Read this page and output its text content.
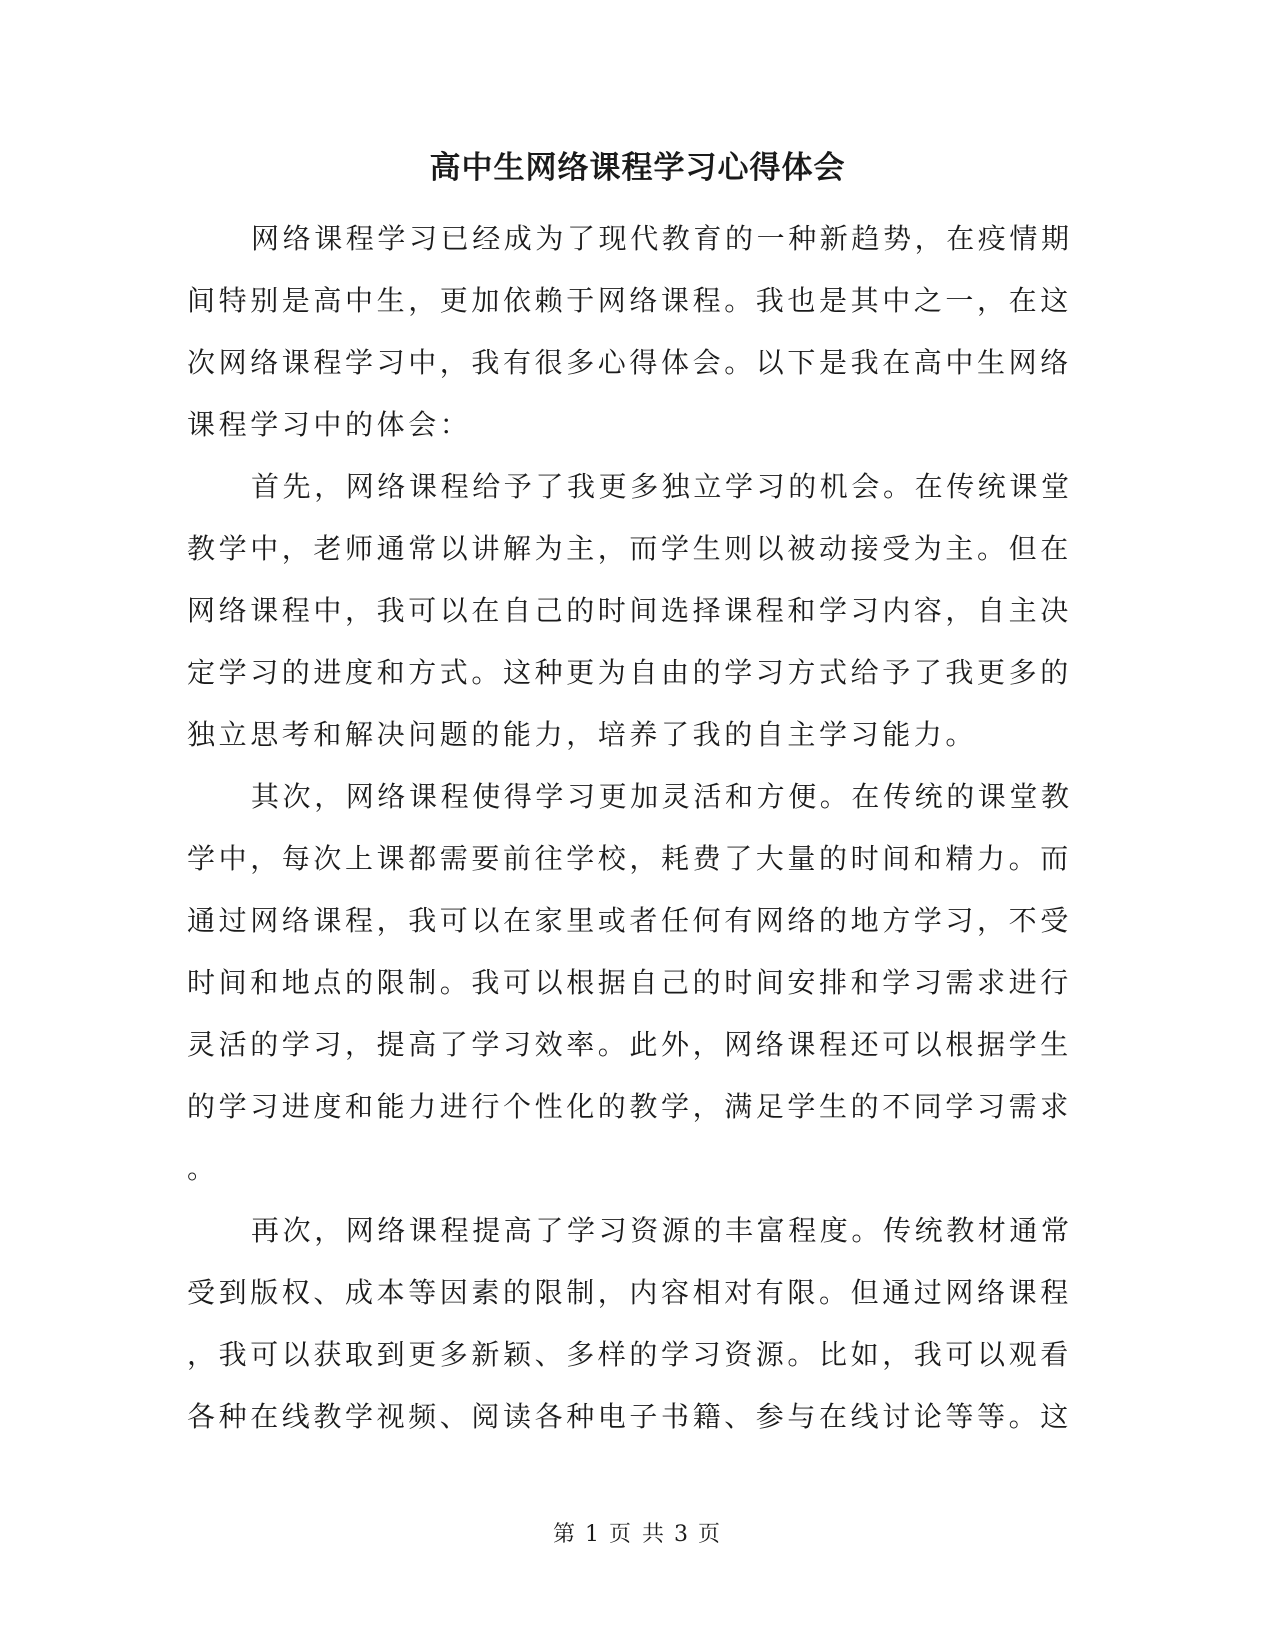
高中生网络课程学习心得体会
网络课程学习已经成为了现代教育的一种新趋势，在疫情期
间特别是高中生，更加依赖于网络课程。我也是其中之一，在这
次网络课程学习中，我有很多心得体会。以下是我在高中生网络
课程学习中的体会：
首先，网络课程给予了我更多独立学习的机会。在传统课堂
教学中，老师通常以讲解为主，而学生则以被动接受为主。但在
网络课程中，我可以在自己的时间选择课程和学习内容，自主决
定学习的进度和方式。这种更为自由的学习方式给予了我更多的
独立思考和解决问题的能力，培养了我的自主学习能力。
其次，网络课程使得学习更加灵活和方便。在传统的课堂教
学中，每次上课都需要前往学校，耗费了大量的时间和精力。而
通过网络课程，我可以在家里或者任何有网络的地方学习，不受
时间和地点的限制。我可以根据自己的时间安排和学习需求进行
灵活的学习，提高了学习效率。此外，网络课程还可以根据学生
的学习进度和能力进行个性化的教学，满足学生的不同学习需求
。
再次，网络课程提高了学习资源的丰富程度。传统教材通常
受到版权、成本等因素的限制，内容相对有限。但通过网络课程
，我可以获取到更多新颖、多样的学习资源。比如，我可以观看
各种在线教学视频、阅读各种电子书籍、参与在线讨论等等。这
第 1 页 共 3 页
